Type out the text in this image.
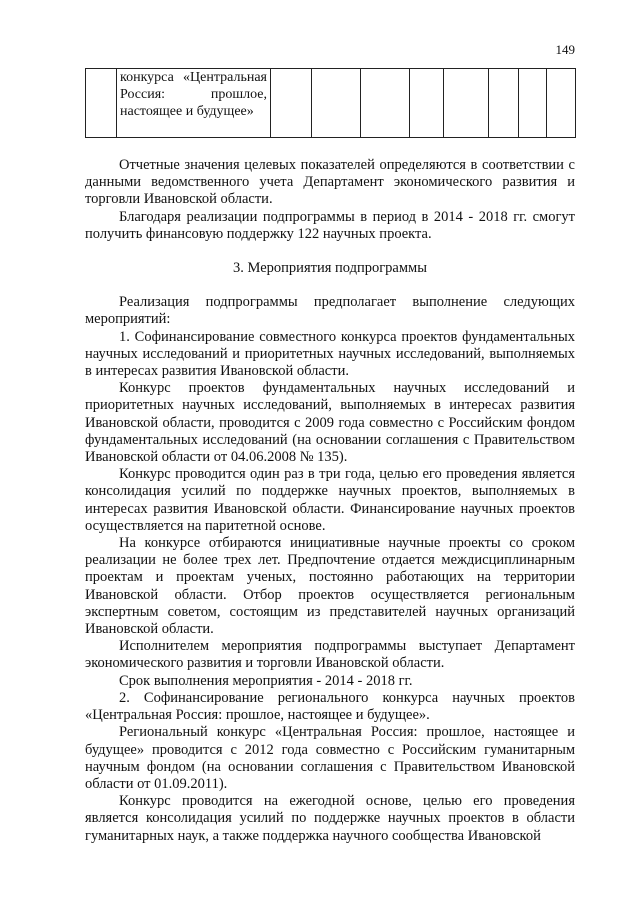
149

конкурса «Центральная Россия: прошлое, настоящее и будущее»

Отчетные значения целевых показателей определяются в соответствии с данными ведомственного учета Департамент экономического развития и торговли Ивановской области.

Благодаря реализации подпрограммы в период в 2014 - 2018 гг. смогут получить финансовую поддержку 122 научных проекта.

3. Мероприятия подпрограммы

Реализация подпрограммы предполагает выполнение следующих мероприятий:

1. Софинансирование совместного конкурса проектов фундаментальных научных исследований и приоритетных научных исследований, выполняемых в интересах развития Ивановской области.

Конкурс проектов фундаментальных научных исследований и приоритетных научных исследований, выполняемых в интересах развития Ивановской области, проводится с 2009 года совместно с Российским фондом фундаментальных исследований (на основании соглашения с Правительством Ивановской области от 04.06.2008 № 135).

Конкурс проводится один раз в три года, целью его проведения является консолидация усилий по поддержке научных проектов, выполняемых в интересах развития Ивановской области. Финансирование научных проектов осуществляется на паритетной основе.

На конкурсе отбираются инициативные научные проекты со сроком реализации не более трех лет. Предпочтение отдается междисциплинарным проектам и проектам ученых, постоянно работающих на территории Ивановской области. Отбор проектов осуществляется региональным экспертным советом, состоящим из представителей научных организаций Ивановской области.

Исполнителем мероприятия подпрограммы выступает Департамент экономического развития и торговли Ивановской области.

Срок выполнения мероприятия - 2014 - 2018 гг.

2. Софинансирование регионального конкурса научных проектов «Центральная Россия: прошлое, настоящее и будущее».

Региональный конкурс «Центральная Россия: прошлое, настоящее и будущее» проводится с 2012 года совместно с Российским гуманитарным научным фондом (на основании соглашения с Правительством Ивановской области от 01.09.2011).

Конкурс проводится на ежегодной основе, целью его проведения является консолидация усилий по поддержке научных проектов в области гуманитарных наук, а также поддержка научного сообщества Ивановской
